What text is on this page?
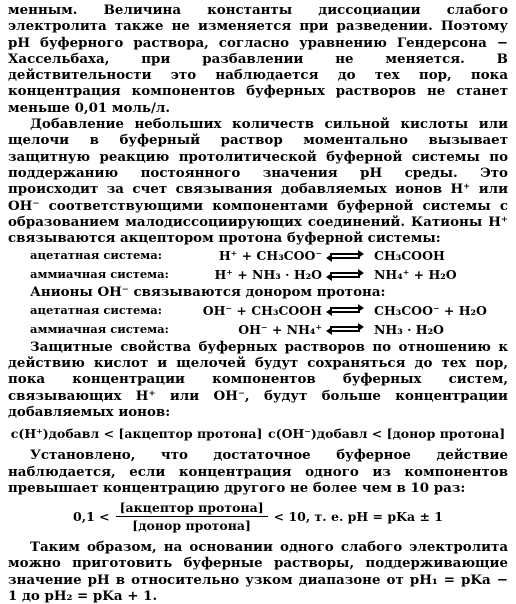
менным. Величина константы диссоциации слабого электролита также не изменяется при разведении. Поэтому pH буферного раствора, согласно уравнению Гендерсона − Хассельбаха, при разбавлении не меняется. В действительности это наблюдается до тех пор, пока концентрация компонентов буферных растворов не станет меньше 0,01 моль/л.

Добавление небольших количеств сильной кислоты или щелочи в буферный раствор моментально вызывает защитную реакцию протолитической буферной системы по поддержанию постоянного значения pH среды. Это происходит за счет связывания добавляемых ионов H⁺ или OH⁻ соответствующими компонентами буферной системы с образованием малодиссоциирующих соединений. Катионы H⁺ связываются акцептором протона буферной системы:

ацетатная система:	H⁺ + CH₃COO⁻ ⇌ CH₃COOH
аммиачная система:	H⁺ + NH₃ · H₂O ⇌ NH₄⁺ + H₂O

Анионы OH⁻ связываются донором протона:

ацетатная система:	OH⁻ + CH₃COOH ⇌ CH₃COO⁻ + H₂O
аммиачная система:	OH⁻ + NH₄⁺ ⇌ NH₃ · H₂O

Защитные свойства буферных растворов по отношению к действию кислот и щелочей будут сохраняться до тех пор, пока концентрации компонентов буферных систем, связывающих H⁺ или OH⁻, будут больше концентрации добавляемых ионов:

c(H⁺)добавл < [акцептор протона] c(OH⁻)добавл < [донор протона]

Установлено, что достаточное буферное действие наблюдается, если концентрация одного из компонентов превышает концентрацию другого не более чем в 10 раз:

$0,1 < \frac{\text{[акцептор протона]}}{\text{[донор протона]}} < 10$, т. е. pH = pKa ± 1

Таким образом, на основании одного слабого электролита можно приготовить буферные растворы, поддерживающие значение pH в относительно узком диапазоне от pH₁ = pKa − 1 до pH₂ = pKa + 1.
